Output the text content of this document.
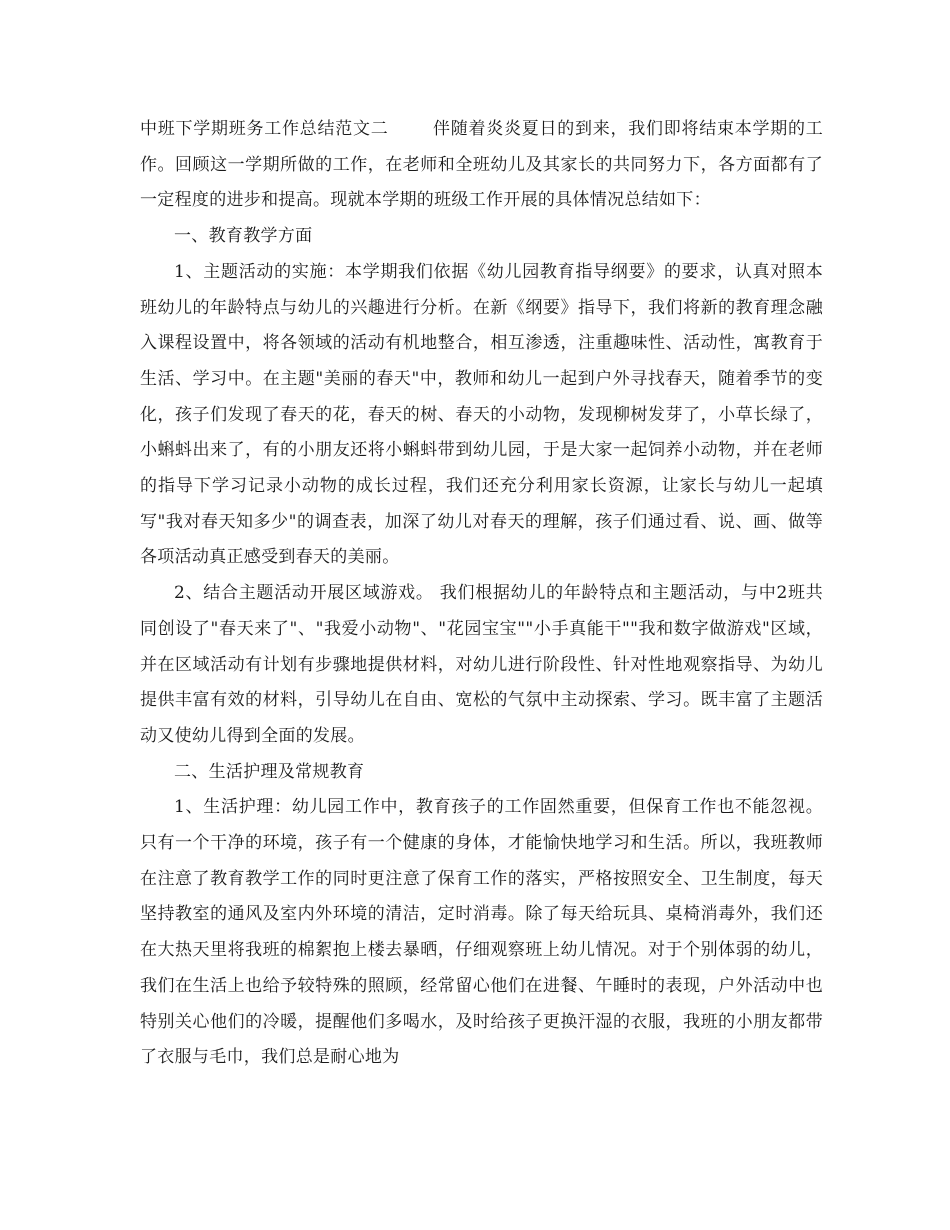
中班下学期班务工作总结范文二	伴随着炎炎夏日的到来，我们即将结束本学期的工作。回顾这一学期所做的工作，在老师和全班幼儿及其家长的共同努力下，各方面都有了一定程度的进步和提高。现就本学期的班级工作开展的具体情况总结如下：

一、教育教学方面

1、主题活动的实施：本学期我们依据《幼儿园教育指导纲要》的要求，认真对照本班幼儿的年龄特点与幼儿的兴趣进行分析。在新《纲要》指导下，我们将新的教育理念融入课程设置中，将各领域的活动有机地整合，相互渗透，注重趣味性、活动性，寓教育于生活、学习中。在主题"美丽的春天"中，教师和幼儿一起到户外寻找春天，随着季节的变化，孩子们发现了春天的花，春天的树、春天的小动物，发现柳树发芽了，小草长绿了，小蝌蚪出来了，有的小朋友还将小蝌蚪带到幼儿园，于是大家一起饲养小动物，并在老师的指导下学习记录小动物的成长过程，我们还充分利用家长资源，让家长与幼儿一起填写"我对春天知多少"的调查表，加深了幼儿对春天的理解，孩子们通过看、说、画、做等各项活动真正感受到春天的美丽。

2、结合主题活动开展区域游戏。 我们根据幼儿的年龄特点和主题活动，与中2班共同创设了"春天来了"、"我爱小动物"、"花园宝宝""小手真能干""我和数字做游戏"区域，并在区域活动有计划有步骤地提供材料，对幼儿进行阶段性、针对性地观察指导、为幼儿提供丰富有效的材料，引导幼儿在自由、宽松的气氛中主动探索、学习。既丰富了主题活动又使幼儿得到全面的发展。

二、生活护理及常规教育

1、生活护理：幼儿园工作中，教育孩子的工作固然重要，但保育工作也不能忽视。只有一个干净的环境，孩子有一个健康的身体，才能愉快地学习和生活。所以，我班教师在注意了教育教学工作的同时更注意了保育工作的落实，严格按照安全、卫生制度，每天坚持教室的通风及室内外环境的清洁，定时消毒。除了每天给玩具、桌椅消毒外，我们还在大热天里将我班的棉絮抱上楼去暴晒，仔细观察班上幼儿情况。对于个别体弱的幼儿，我们在生活上也给予较特殊的照顾，经常留心他们在进餐、午睡时的表现，户外活动中也特别关心他们的冷暖，提醒他们多喝水，及时给孩子更换汗湿的衣服，我班的小朋友都带了衣服与毛巾，我们总是耐心地为
